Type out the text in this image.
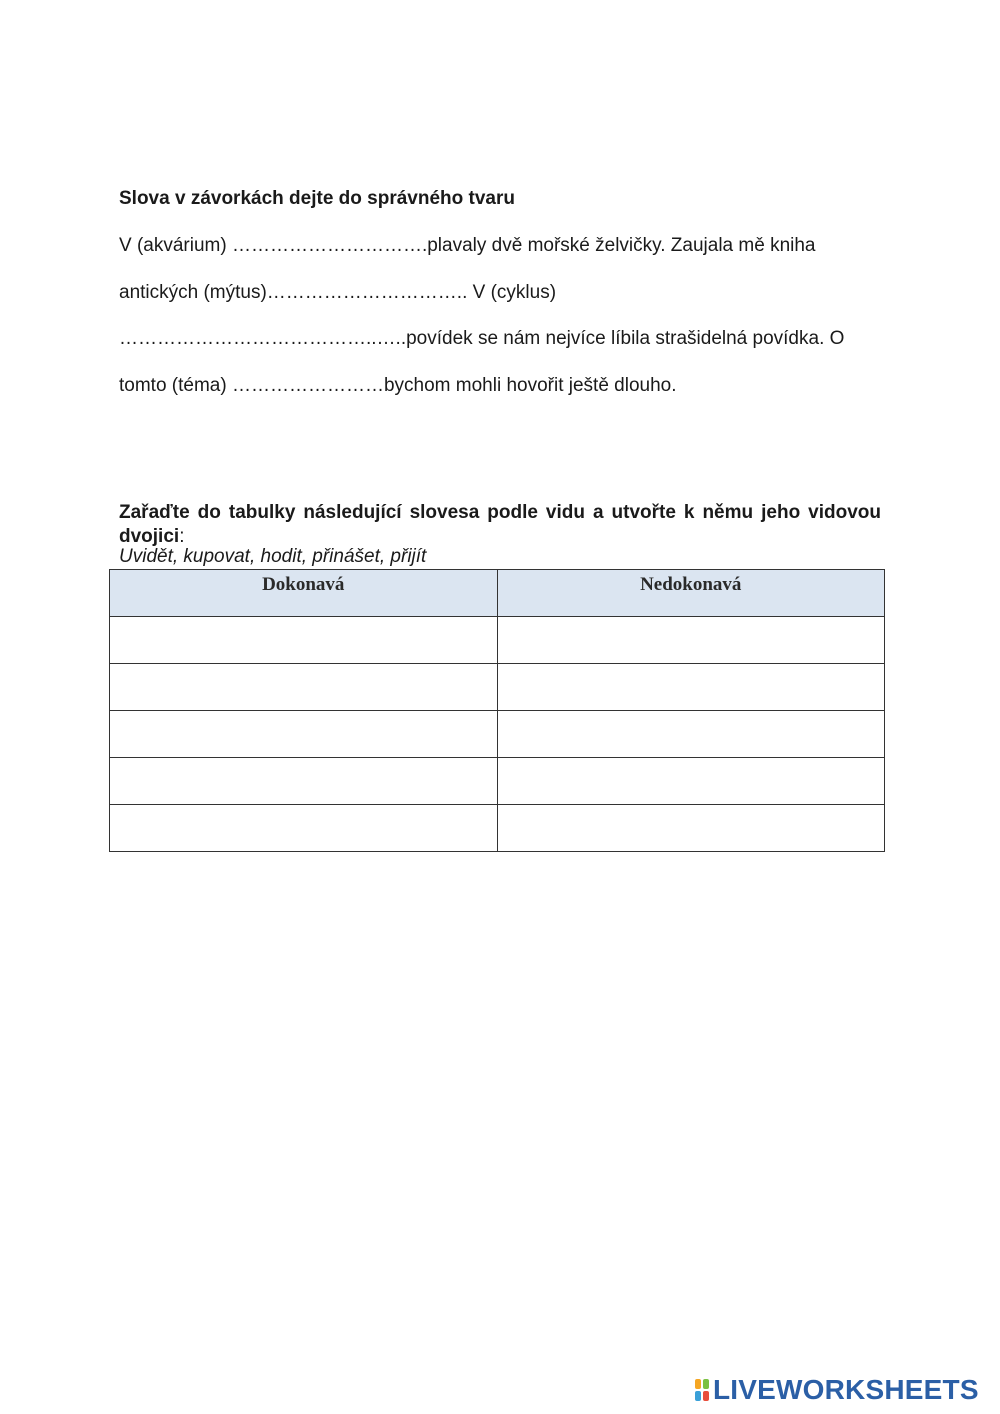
Slova v závorkách dejte do správného tvaru
V (akvárium) ………………………….plavaly dvě mořské želvičky. Zaujala mě kniha
antických (mýtus)………………………….. V (cyklus)
…………………………………..…..povídek se nám nejvíce líbila strašidelná povídka. O
tomto (téma) ……………………bychom mohli hovořit ještě dlouho.
Zařaďte do tabulky následující slovesa podle vidu a utvořte k němu jeho vidovou dvojici:
Uvidět, kupovat, hodit, přinášet, přijít
Dokonavá	Nedokonavá

LIVEWORKSHEETS
